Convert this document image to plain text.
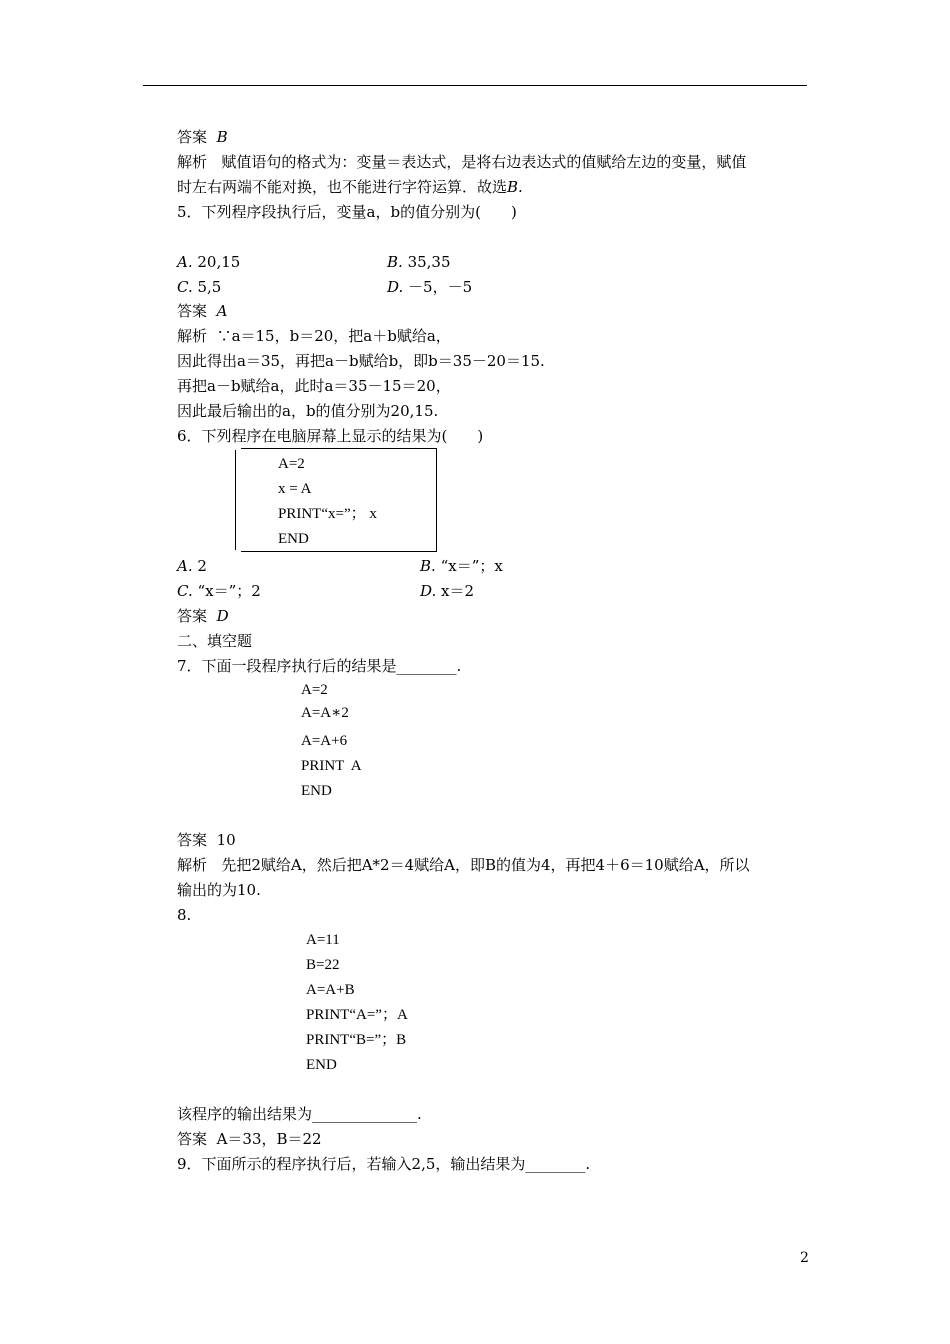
答案 B
解析 赋值语句的格式为：变量＝表达式，是将右边表达式的值赋给左边的变量，赋值
时左右两端不能对换，也不能进行字符运算．故选B.
5．下列程序段执行后，变量a，b的值分别为(　　)
A. 20,15	B. 35,35
C. 5,5	D. －5，－5
答案 A
解析 ∵a＝15，b＝20，把a＋b赋给a，
因此得出a＝35，再把a－b赋给b，即b＝35－20＝15.
再把a－b赋给a，此时a＝35－15＝20，
因此最后输出的a，b的值分别为20,15.
6．下列程序在电脑屏幕上显示的结果为(　　)
A=2
x = A
PRINT“x=”； x
END
A. 2	B. “x＝”；x
C. “x＝”；2	D. x＝2
答案 D
二、填空题
7．下面一段程序执行后的结果是________.
A=2
A=A∗2
A=A+6
PRINT  A
END
答案 10
解析 先把2赋给A，然后把A*2＝4赋给A，即B的值为4，再把4＋6＝10赋给A，所以
输出的为10.
8.
A=11
B=22
A=A+B
PRINT“A=”；A
PRINT“B=”；B
END
该程序的输出结果为______________.
答案 A＝33，B＝22
9．下面所示的程序执行后，若输入2,5，输出结果为________.
2
